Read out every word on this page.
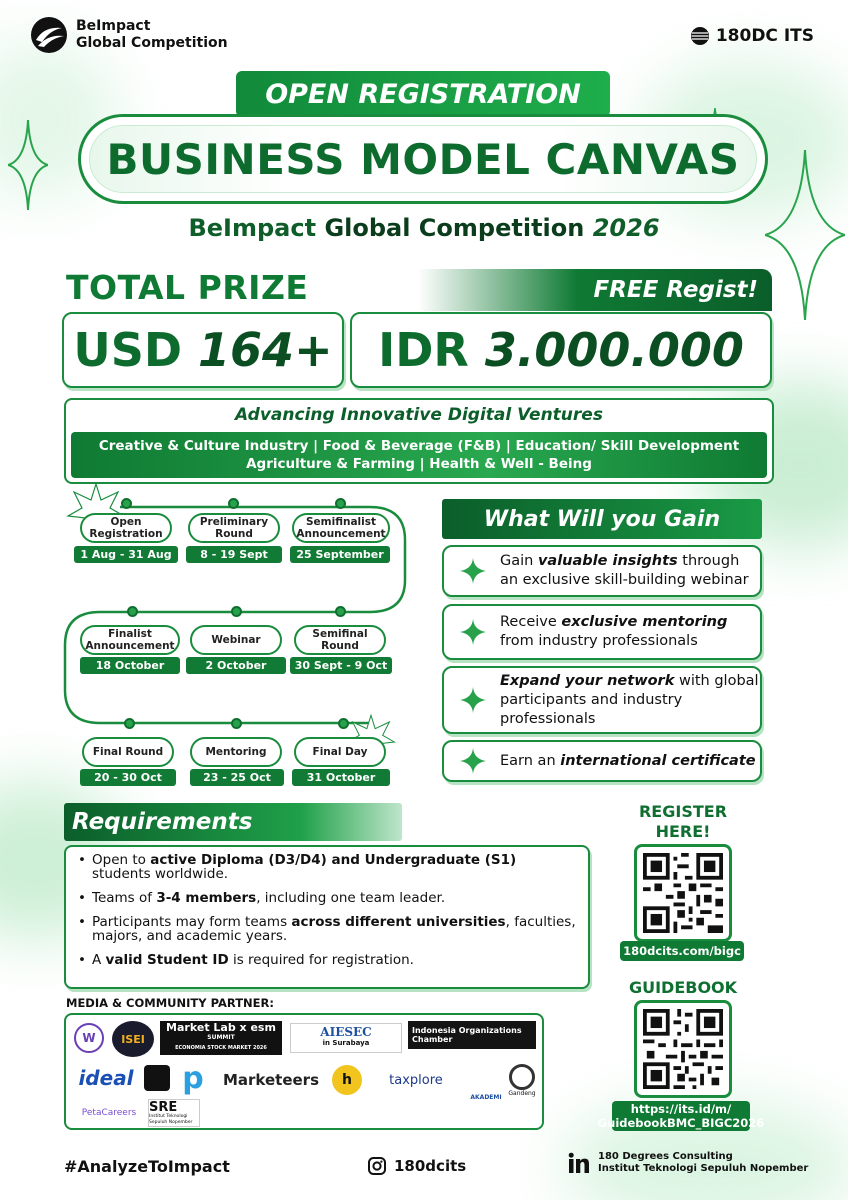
BeImpact
Global Competition	180DC ITS
OPEN REGISTRATION
BUSINESS MODEL CANVAS
BeImpact Global Competition 2026
TOTAL PRIZE	FREE Regist!
USD
164+ IDR
3.000.000
Advancing Innovative Digital Ventures
Creative & Culture Industry | Food & Beverage (F&B) | Education/ Skill Development
Agriculture & Farming | Health & Well - Being
Open Registration
1 Aug - 31 Aug
Preliminary Round
8 - 19 Sept
Semifinalist Announcement
25 September
Finalist Announcement
18 October
Webinar
2 October
Semifinal Round
30 Sept - 9 Oct
Final Round
20 - 30 Oct
Mentoring
23 - 25 Oct
Final Day
31 October
What Will you Gain
Gain valuable insights through an exclusive skill-building webinar
Receive exclusive mentoring from industry professionals
Expand your network with global participants and industry professionals
Earn an international certificate
Requirements
• Open to active Diploma (D3/D4) and Undergraduate (S1) students worldwide.
• Teams of 3-4 members, including one team leader.
• Participants may form teams across different universities, faculties, majors, and academic years.
• A valid Student ID is required for registration.
MEDIA & COMMUNITY PARTNER:
W	ISEI
Market Lab x esm
SUMMIT
ECONOMIA STOCK MARKET 2026
AIESEC
in Surabaya
Indonesia Organizations Chamber
ideal p	Marketeers	h	taxplore
AKADEMI
Gandeng
PetaCareers SRE
Institut Teknologi Sepuluh Nopember
REGISTER
HERE!
180dcits.com/bigc
GUIDEBOOK
https://its.id/m/
GuidebookBMC_BIGC2026
#AnalyzeToImpact	180dcits
180 Degrees Consulting
Institut Teknologi Sepuluh Nopember
